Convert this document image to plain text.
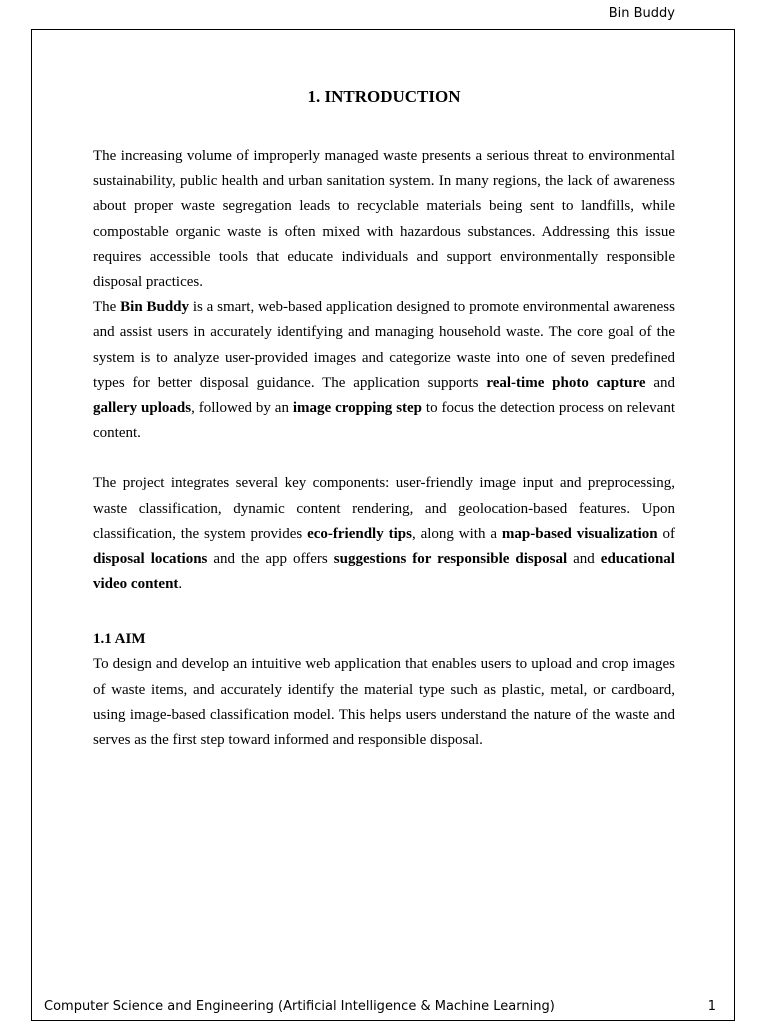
Bin Buddy
1. INTRODUCTION

The increasing volume of improperly managed waste presents a serious threat to environmental sustainability, public health and urban sanitation system. In many regions, the lack of awareness about proper waste segregation leads to recyclable materials being sent to landfills, while compostable organic waste is often mixed with hazardous substances. Addressing this issue requires accessible tools that educate individuals and support environmentally responsible disposal practices.

The Bin Buddy is a smart, web-based application designed to promote environmental awareness and assist users in accurately identifying and managing household waste. The core goal of the system is to analyze user-provided images and categorize waste into one of seven predefined types for better disposal guidance. The application supports real-time photo capture and gallery uploads, followed by an image cropping step to focus the detection process on relevant content.

The project integrates several key components: user-friendly image input and preprocessing, waste classification, dynamic content rendering, and geolocation-based features. Upon classification, the system provides eco-friendly tips, along with a map-based visualization of disposal locations and the app offers suggestions for responsible disposal and educational video content.

1.1 AIM

To design and develop an intuitive web application that enables users to upload and crop images of waste items, and accurately identify the material type such as plastic, metal, or cardboard, using image-based classification model. This helps users understand the nature of the waste and serves as the first step toward informed and responsible disposal.

Computer Science and Engineering (Artificial Intelligence & Machine Learning)	1
